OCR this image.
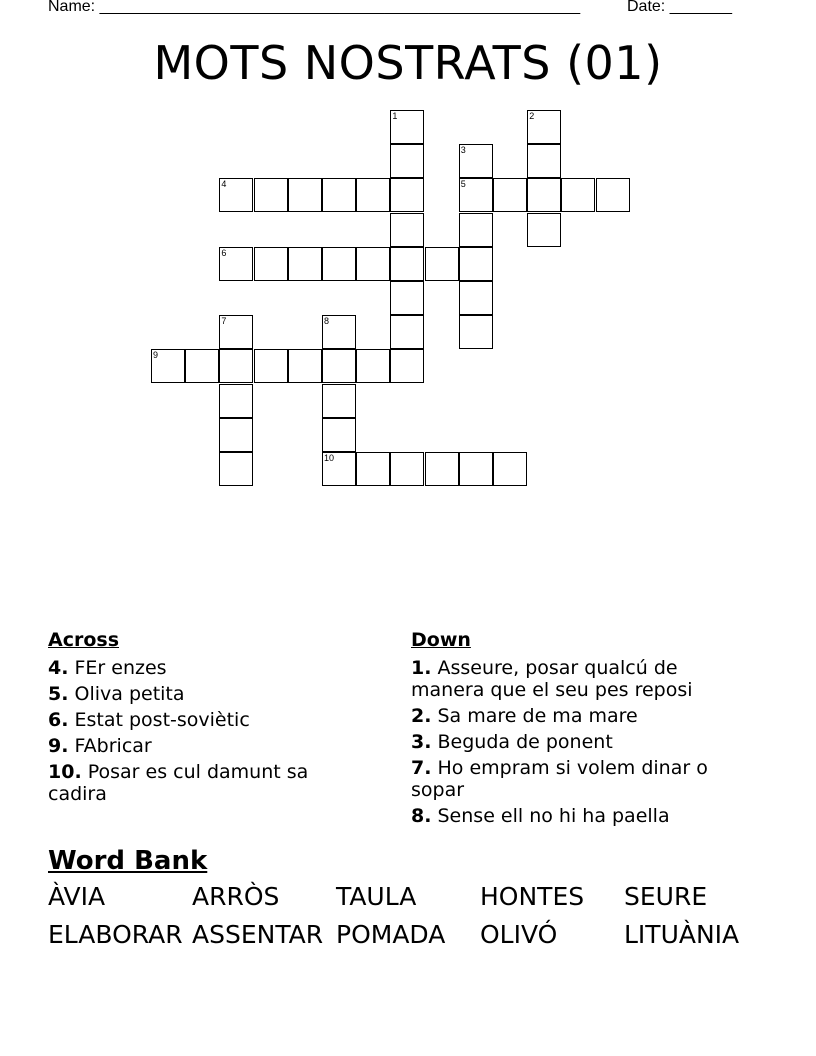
Name: ______________________________________________________	Date: _______
MOTS NOSTRATS (01)
1	2
3
5
4
6
7	8
10
9
Across
4. FEr enzes
5. Oliva petita
6. Estat post-soviètic
9. FAbricar
10. Posar es cul damunt sa cadira
Down
1. Asseure, posar qualcú de manera que el seu pes reposi
2. Sa mare de ma mare
3. Beguda de ponent
7. Ho empram si volem dinar o sopar
8. Sense ell no hi ha paella
Word Bank
ÀVIA	ARRÒS	TAULA	HONTES	SEURE
ELABORAR ASSENTAR POMADA	OLIVÓ	LITUÀNIA
